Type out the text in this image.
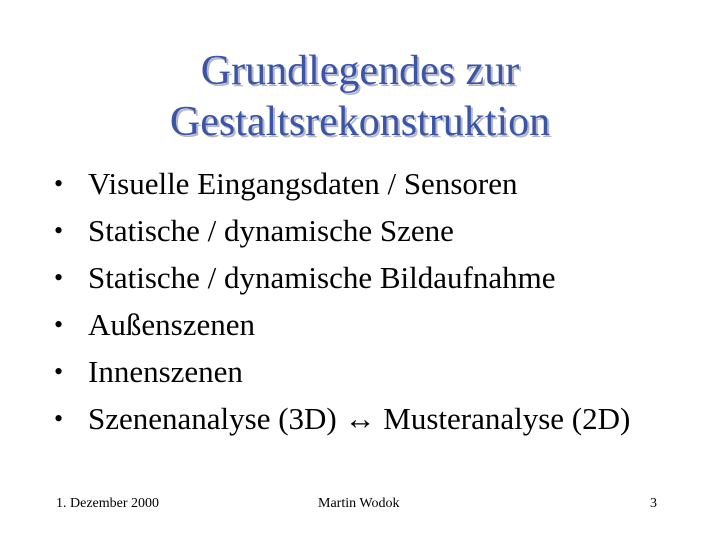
Grundlegendes zur
Gestaltsrekonstruktion
• Visuelle Eingangsdaten / Sensoren
• Statische / dynamische Szene
• Statische / dynamische Bildaufnahme
• Außenszenen
• Innenszenen
• Szenenanalyse (3D) ↔ Musteranalyse (2D)
1. Dezember 2000	Martin Wodok	3
